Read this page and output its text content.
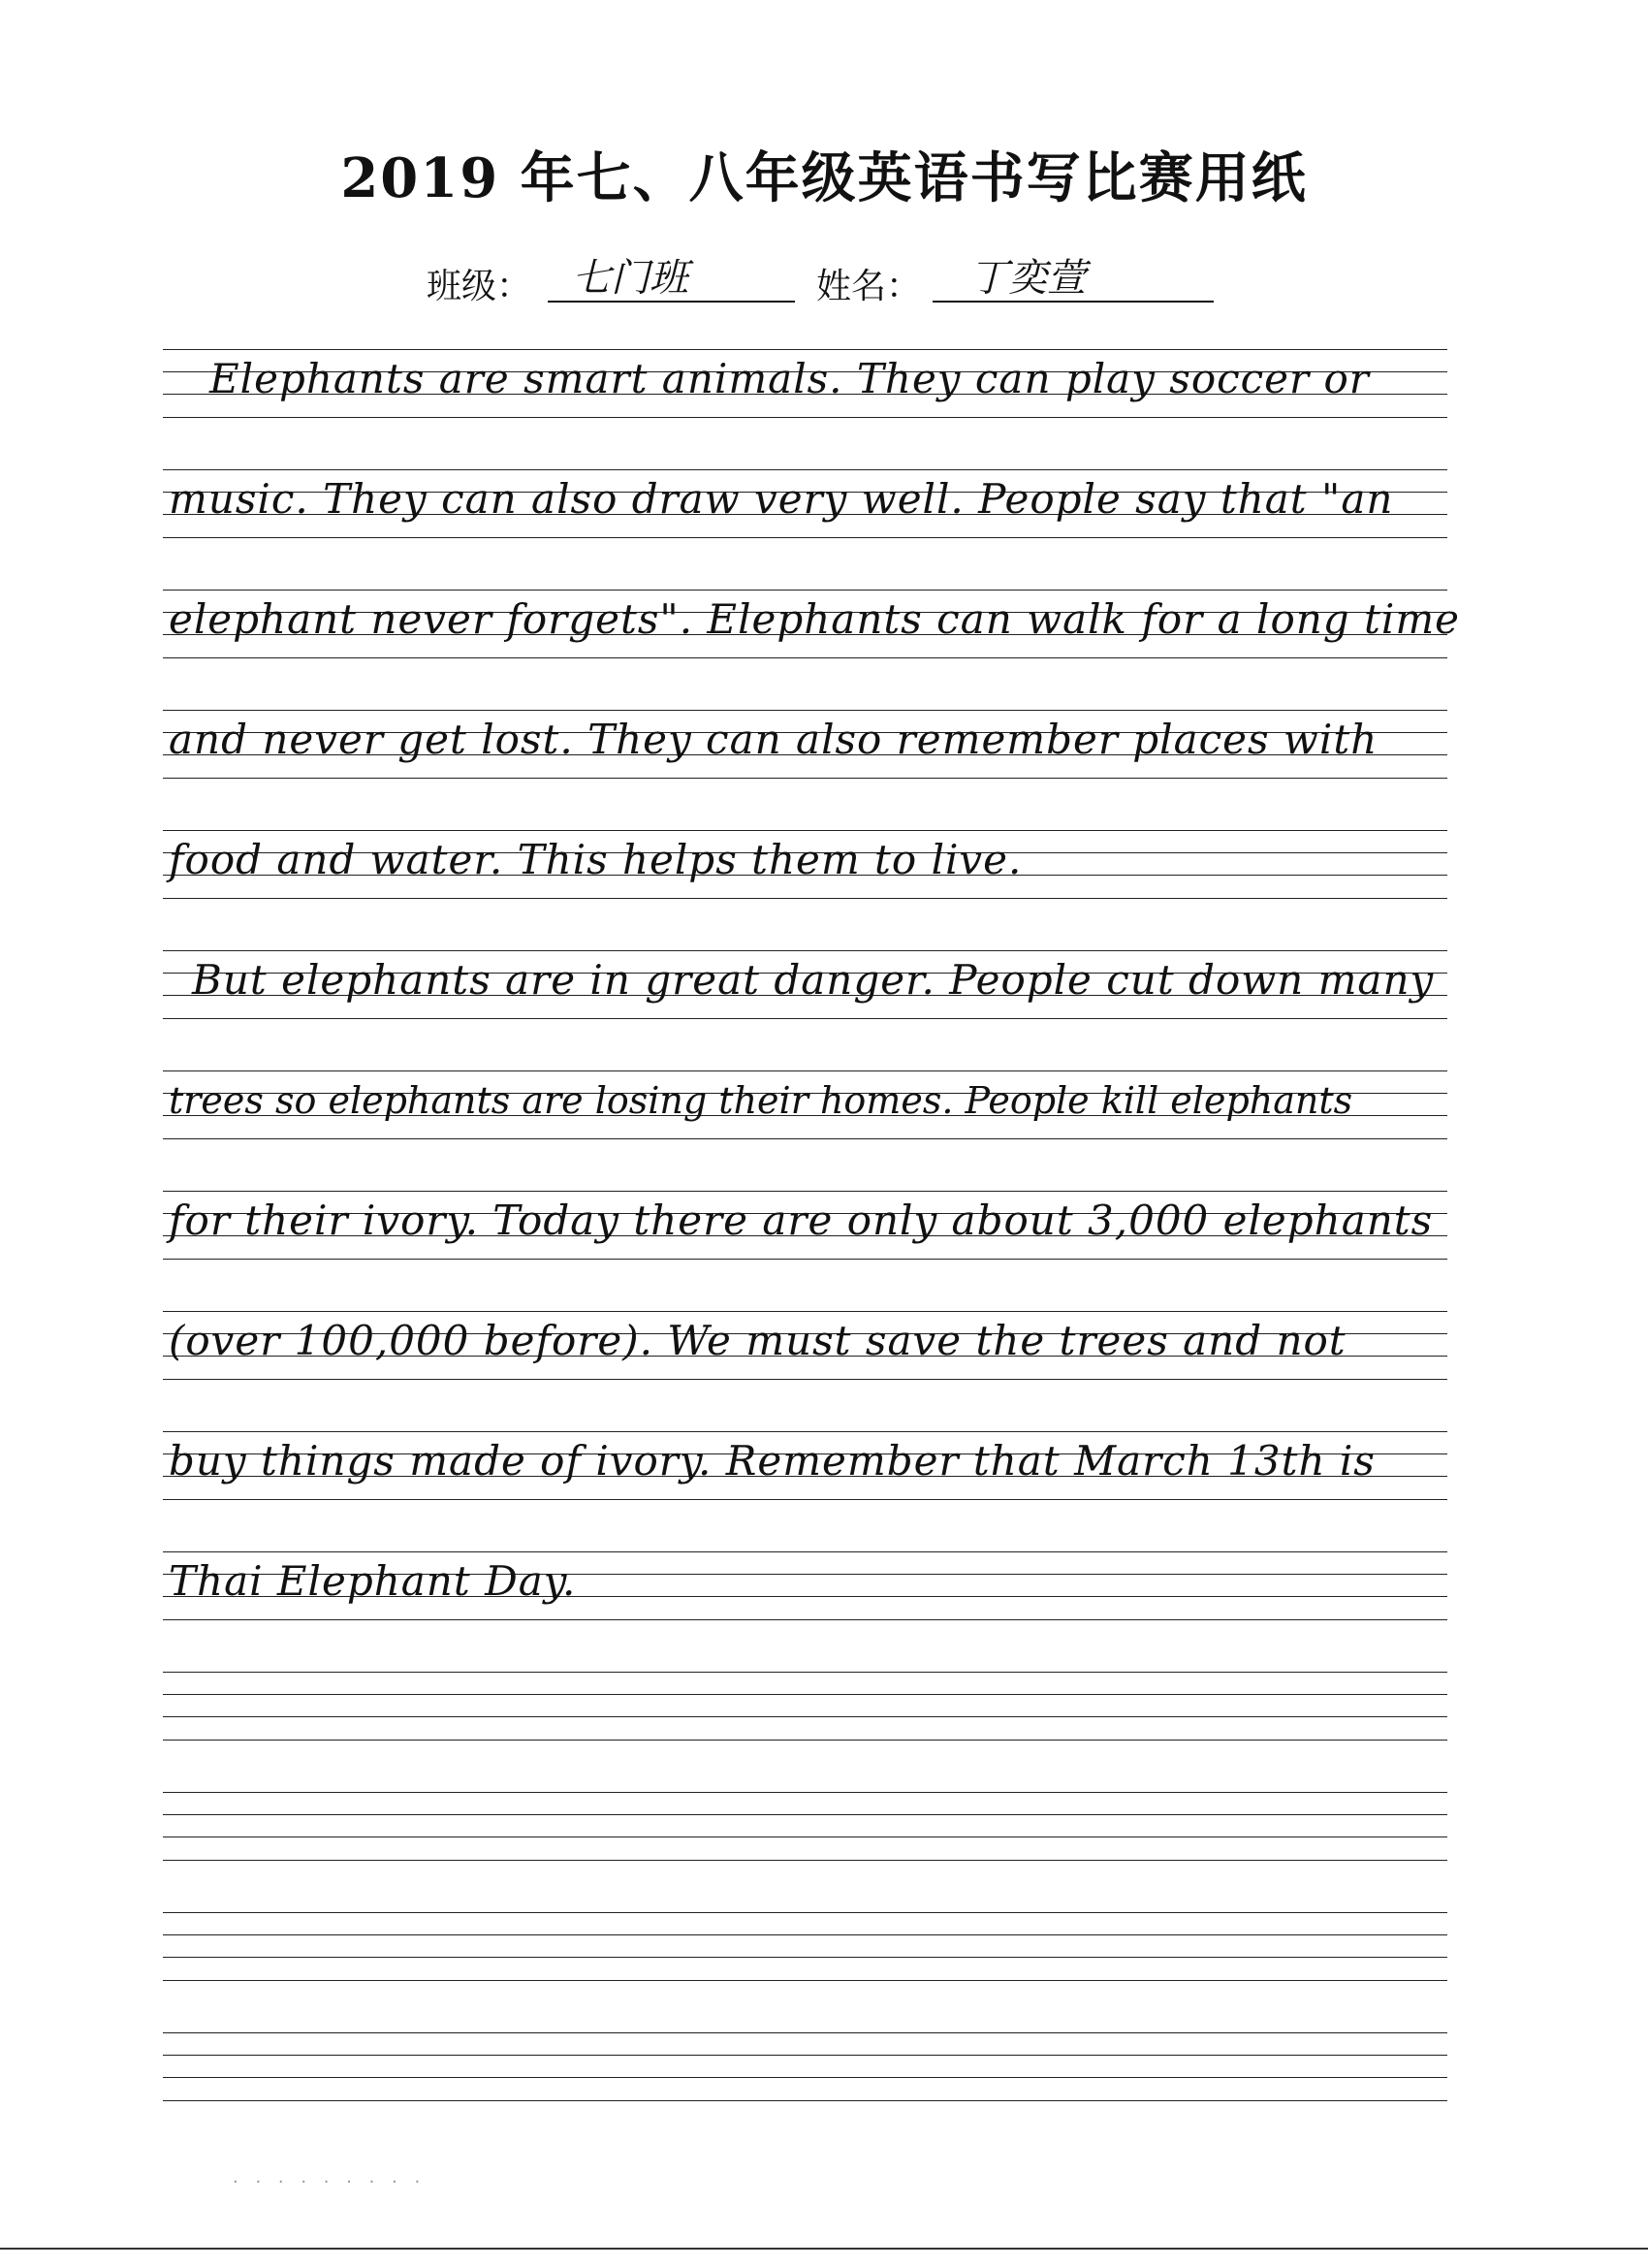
2019 年七、八年级英语书写比赛用纸
班级： 七门班	姓名： 丁奕萱
Elephants are smart animals. They can play soccer or
music. They can also draw very well. People say that "an
elephant never forgets". Elephants can walk for a long time
and never get lost. They can also remember places with
food and water. This helps them to live.
But elephants are in great danger. People cut down many
trees so elephants are losing their homes. People kill elephants
for their ivory. Today there are only about 3,000 elephants
(over 100,000 before). We must save the trees and not
buy things made of ivory. Remember that March 13th is
Thai Elephant Day.
· · · · · · · · ·
